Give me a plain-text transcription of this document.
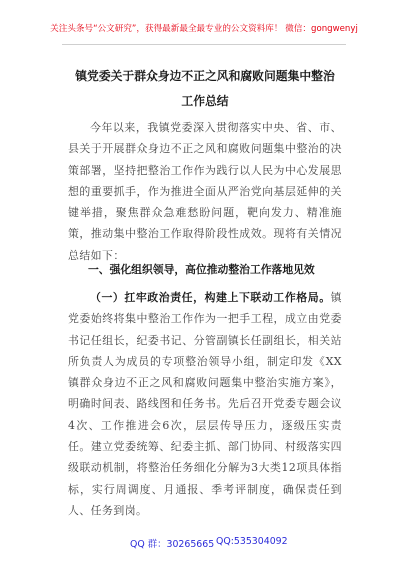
关注头条号“公文研究”，获得最新最全最专业的公文资料库！ 微信：gongwenyj
镇党委关于群众身边不正之风和腐败问题集中整治工作总结
今年以来，我镇党委深入贯彻落实中央、省、市、县关于开展群众身边不正之风和腐败问题集中整治的决策部署，坚持把整治工作作为践行以人民为中心发展思想的重要抓手，作为推进全面从严治党向基层延伸的关键举措，聚焦群众急难愁盼问题，靶向发力、精准施策，推动集中整治工作取得阶段性成效。现将有关情况总结如下：
一、强化组织领导，高位推动整治工作落地见效
（一）扛牢政治责任，构建上下联动工作格局。镇党委始终将集中整治工作作为一把手工程，成立由党委书记任组长，纪委书记、分管副镇长任副组长，相关站所负责人为成员的专项整治领导小组，制定印发《XX镇群众身边不正之风和腐败问题集中整治实施方案》，明确时间表、路线图和任务书。先后召开党委专题会议4次、工作推进会6次，层层传导压力，逐级压实责任。建立党委统筹、纪委主抓、部门协同、村级落实四级联动机制，将整治任务细化分解为3大类12项具体指标，实行周调度、月通报、季考评制度，确保责任到人、任务到岗。
QQ 群：30265665 QQ:535304092
